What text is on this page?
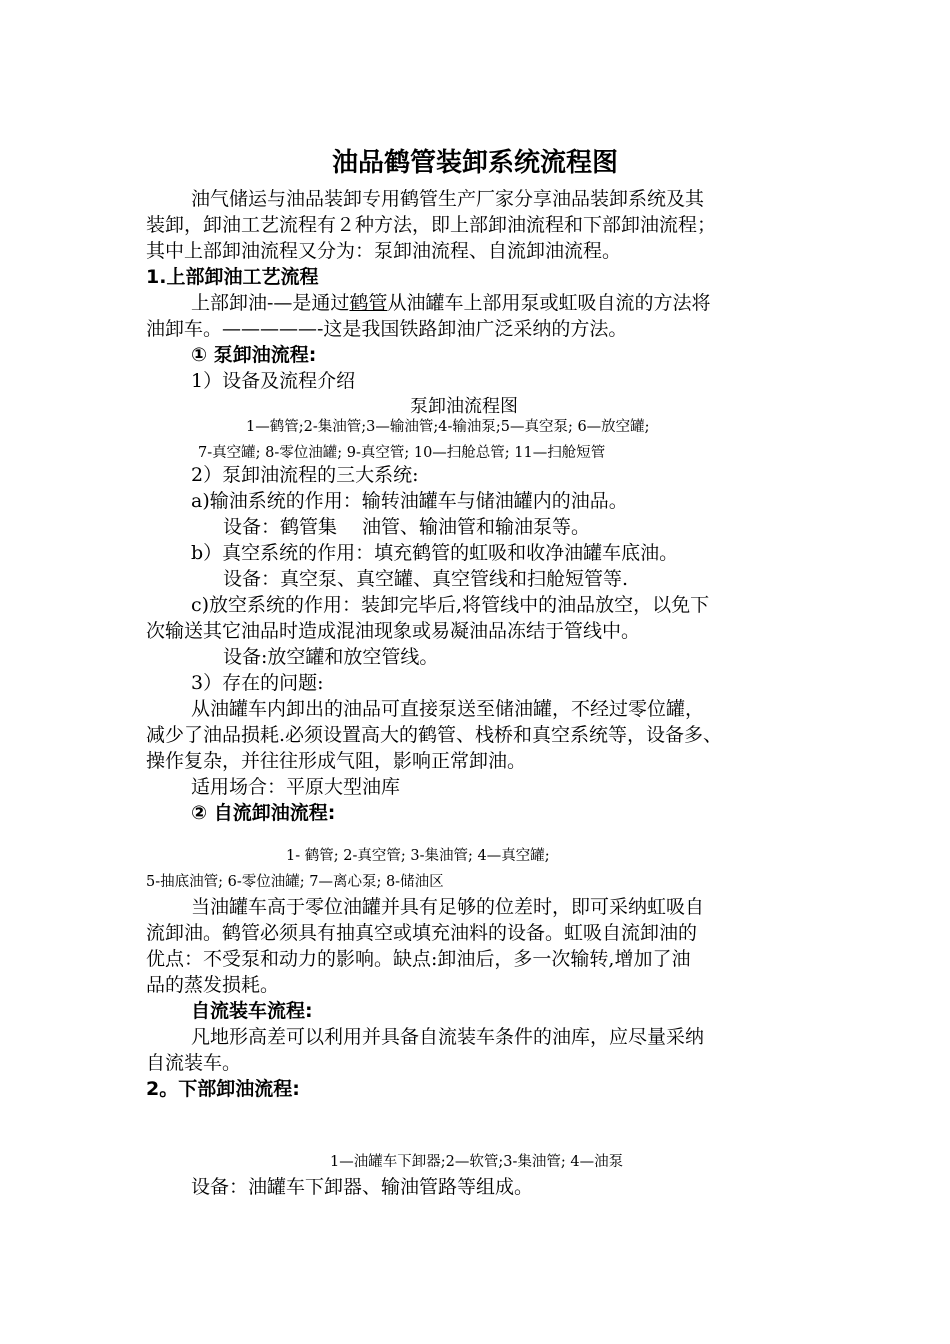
油品鹤管装卸系统流程图
油气储运与油品装卸专用鹤管生产厂家分享油品装卸系统及其
装卸，卸油工艺流程有２种方法，即上部卸油流程和下部卸油流程；
其中上部卸油流程又分为：泵卸油流程、自流卸油流程。
1.上部卸油工艺流程
上部卸油-—是通过鹤管从油罐车上部用泵或虹吸自流的方法将
油卸车。—————-这是我国铁路卸油广泛采纳的方法。
① 泵卸油流程:
1）设备及流程介绍
泵卸油流程图
1—鹤管;2-集油管;3—输油管;4-输油泵;5—真空泵; 6—放空罐;
7-真空罐; 8-零位油罐; 9-真空管; 10—扫舱总管; 11—扫舱短管
2）泵卸油流程的三大系统:
a)输油系统的作用：输转油罐车与储油罐内的油品。
设备：鹤管集　 油管、输油管和输油泵等。
b）真空系统的作用：填充鹤管的虹吸和收净油罐车底油。
设备：真空泵、真空罐、真空管线和扫舱短管等.
c)放空系统的作用：装卸完毕后,将管线中的油品放空，以免下
次输送其它油品时造成混油现象或易凝油品冻结于管线中。
设备:放空罐和放空管线。
3）存在的问题:
从油罐车内卸出的油品可直接泵送至储油罐，不经过零位罐，
减少了油品损耗.必须设置高大的鹤管、栈桥和真空系统等，设备多、
操作复杂，并往往形成气阻，影响正常卸油。
适用场合：平原大型油库
② 自流卸油流程:
1- 鹤管; 2-真空管; 3-集油管; 4—真空罐;
5-抽底油管; 6-零位油罐; 7—离心泵; 8-储油区
当油罐车高于零位油罐并具有足够的位差时，即可采纳虹吸自
流卸油。鹤管必须具有抽真空或填充油料的设备。虹吸自流卸油的
优点：不受泵和动力的影响。缺点:卸油后，多一次输转,增加了油
品的蒸发损耗。
自流装车流程:
凡地形高差可以利用并具备自流装车条件的油库，应尽量采纳
自流装车。
2。下部卸油流程:
1—油罐车下卸器;2—软管;3-集油管; 4—油泵
设备：油罐车下卸器、输油管路等组成。
